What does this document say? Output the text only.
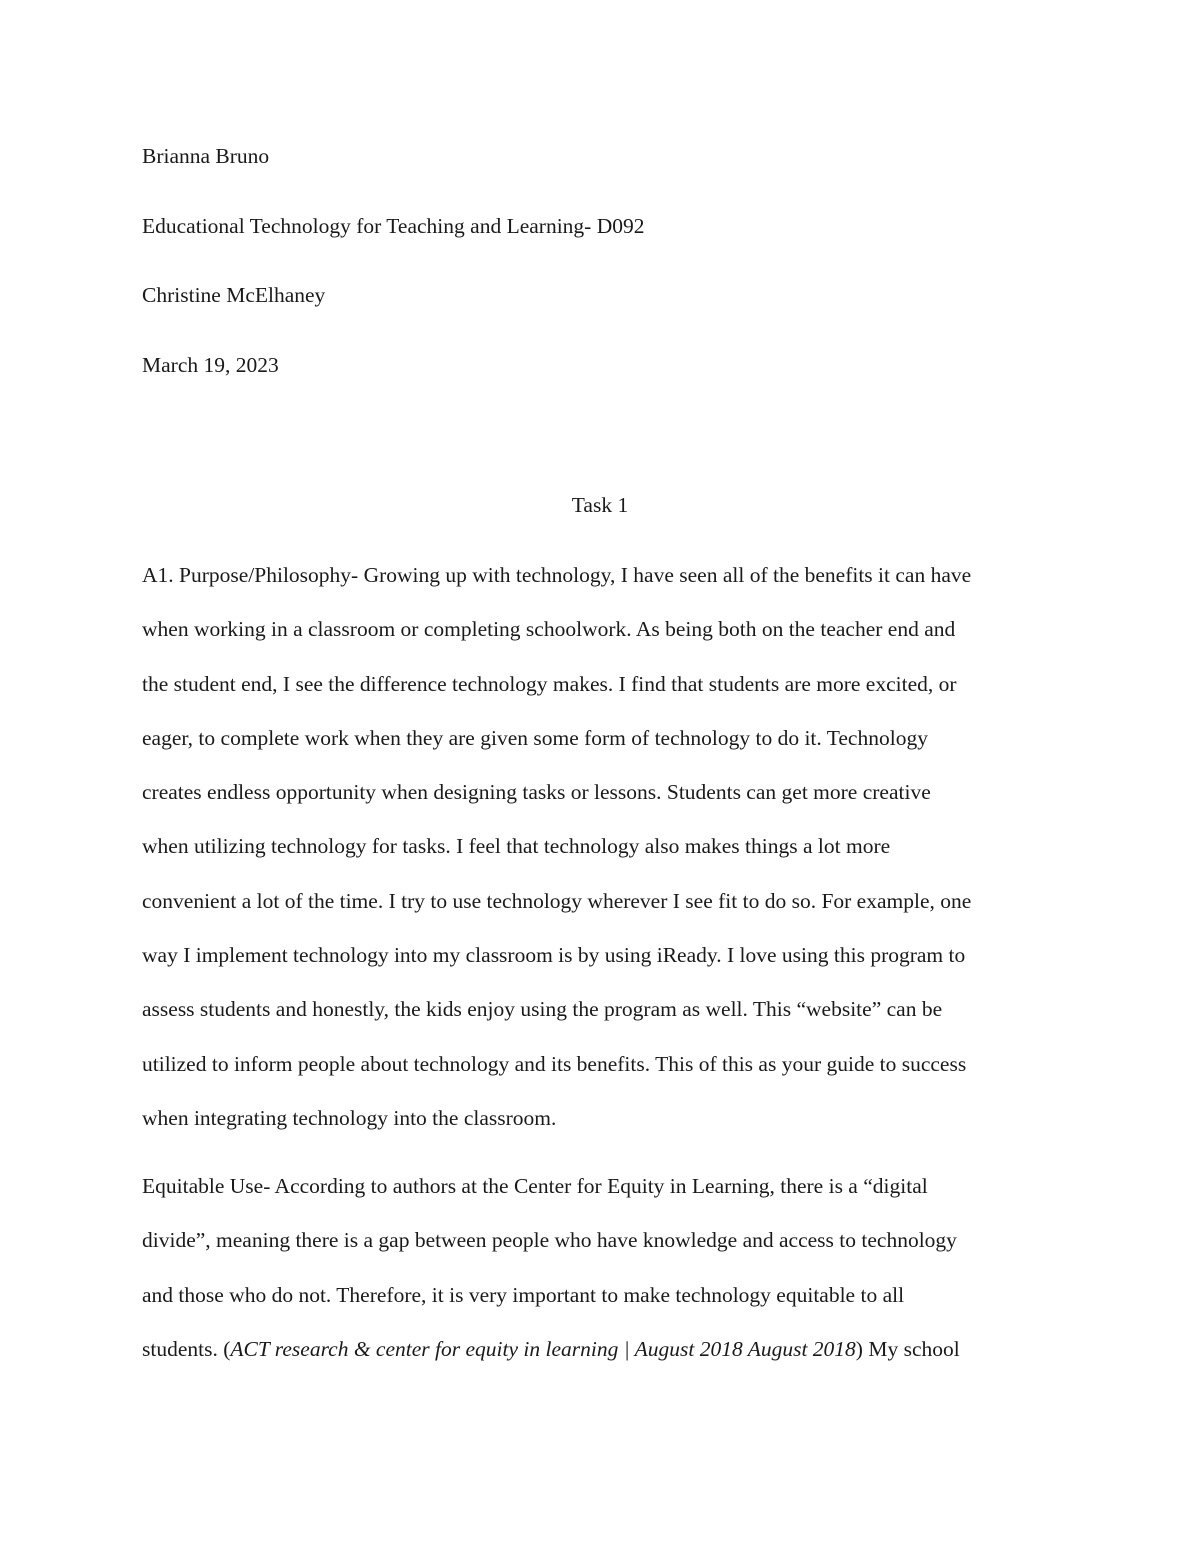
Brianna Bruno

Educational Technology for Teaching and Learning- D092

Christine McElhaney

March 19, 2023

Task 1

A1. Purpose/Philosophy- Growing up with technology, I have seen all of the benefits it can have
when working in a classroom or completing schoolwork. As being both on the teacher end and
the student end, I see the difference technology makes. I find that students are more excited, or
eager, to complete work when they are given some form of technology to do it. Technology
creates endless opportunity when designing tasks or lessons. Students can get more creative
when utilizing technology for tasks. I feel that technology also makes things a lot more
convenient a lot of the time. I try to use technology wherever I see fit to do so. For example, one
way I implement technology into my classroom is by using iReady. I love using this program to
assess students and honestly, the kids enjoy using the program as well. This “website” can be
utilized to inform people about technology and its benefits. This of this as your guide to success
when integrating technology into the classroom.
Equitable Use- According to authors at the Center for Equity in Learning, there is a “digital
divide”, meaning there is a gap between people who have knowledge and access to technology
and those who do not. Therefore, it is very important to make technology equitable to all
students. (ACT research & center for equity in learning | August 2018 August 2018) My school
